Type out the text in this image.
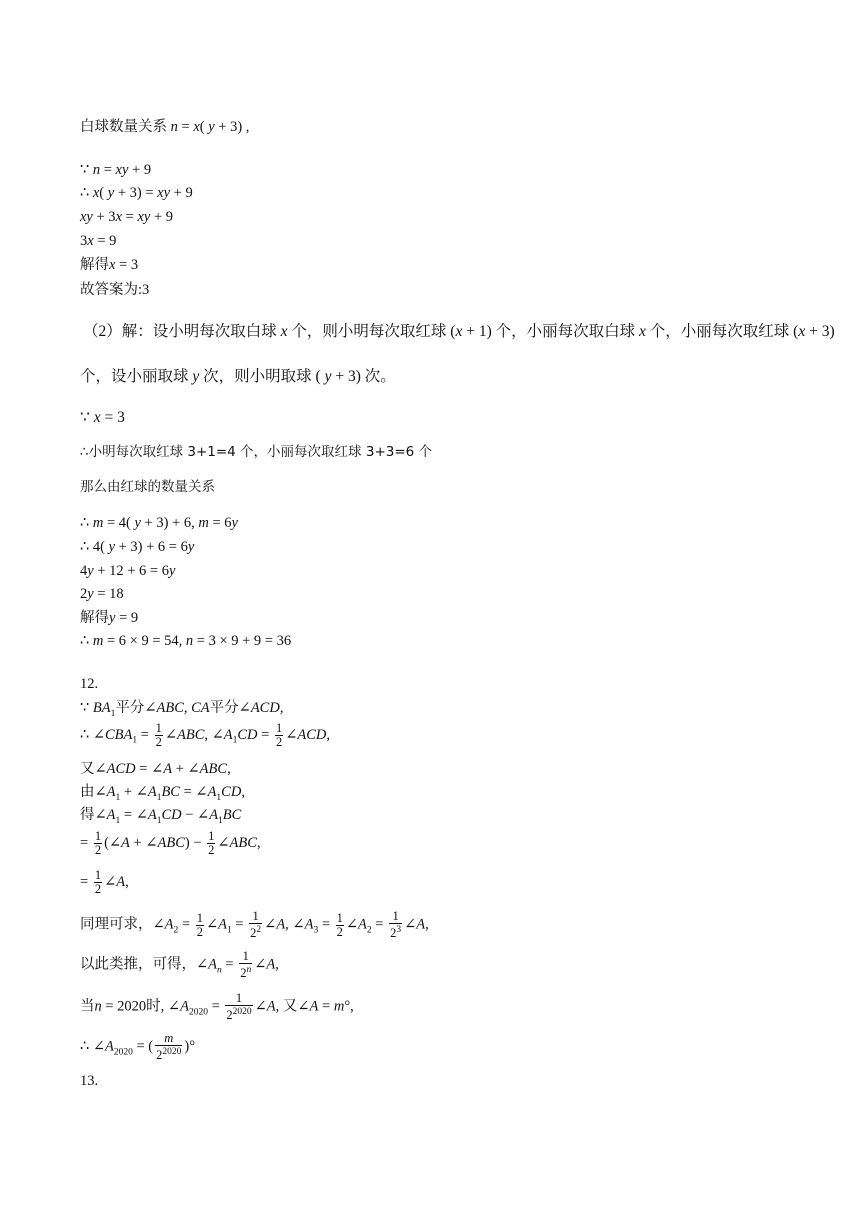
白球数量关系 n = x( y + 3) ,
∵ n = xy + 9
∴ x( y + 3) = xy + 9
xy + 3x = xy + 9
3x = 9
解得x = 3
故答案为:3
（2）解：设小明每次取白球 x 个，则小明每次取红球 (x + 1) 个，小丽每次取白球 x 个，小丽每次取红球 (x + 3)
个，设小丽取球 y 次，则小明取球 ( y + 3) 次。
∵ x = 3
∴小明每次取红球 3+1=4 个，小丽每次取红球 3+3=6 个
那么由红球的数量关系
∴ m = 4( y + 3) + 6, m = 6y
∴ 4( y + 3) + 6 = 6y
4y + 12 + 6 = 6y
2y = 18
解得y = 9
∴ m = 6 × 9 = 54, n = 3 × 9 + 9 = 36
12.
∵ $BA_1$平分∠ABC, CA平分∠ACD,
∴ $\angle CBA_1 = \frac{1}{2}$ ∠ABC, $\angle A_1CD = \frac{1}{2}$ ∠ACD,
又∠ACD = ∠A + ∠ABC,
由$\angle A_1$ + $\angle A_1BC$ = $\angle A_1CD$,
得$\angle A_1$ = $\angle A_1CD$ − $\angle A_1BC$
= $\frac{1}{2}$ (∠A + ∠ABC) − $\frac{1}{2}$ ∠ABC,
= $\frac{1}{2}$ ∠A,
同理可求，$\angle A_2 = \frac{1}{2}$ $\angle A_1 = \frac{1}{2^2}$ ∠A, $\angle A_3 = \frac{1}{2}$ $\angle A_2 = \frac{1}{2^3}$ ∠A,
以此类推，可得，$\angle A_n = \frac{1}{2^n}$ ∠A,
当n = 2020时, $\angle A_{2020} = \frac{1}{2^{2020}}$ ∠A, 又∠A = m°,
∴ $\angle A_{2020}$ = ( $\frac{m}{2^{2020}}$ )°
13.
